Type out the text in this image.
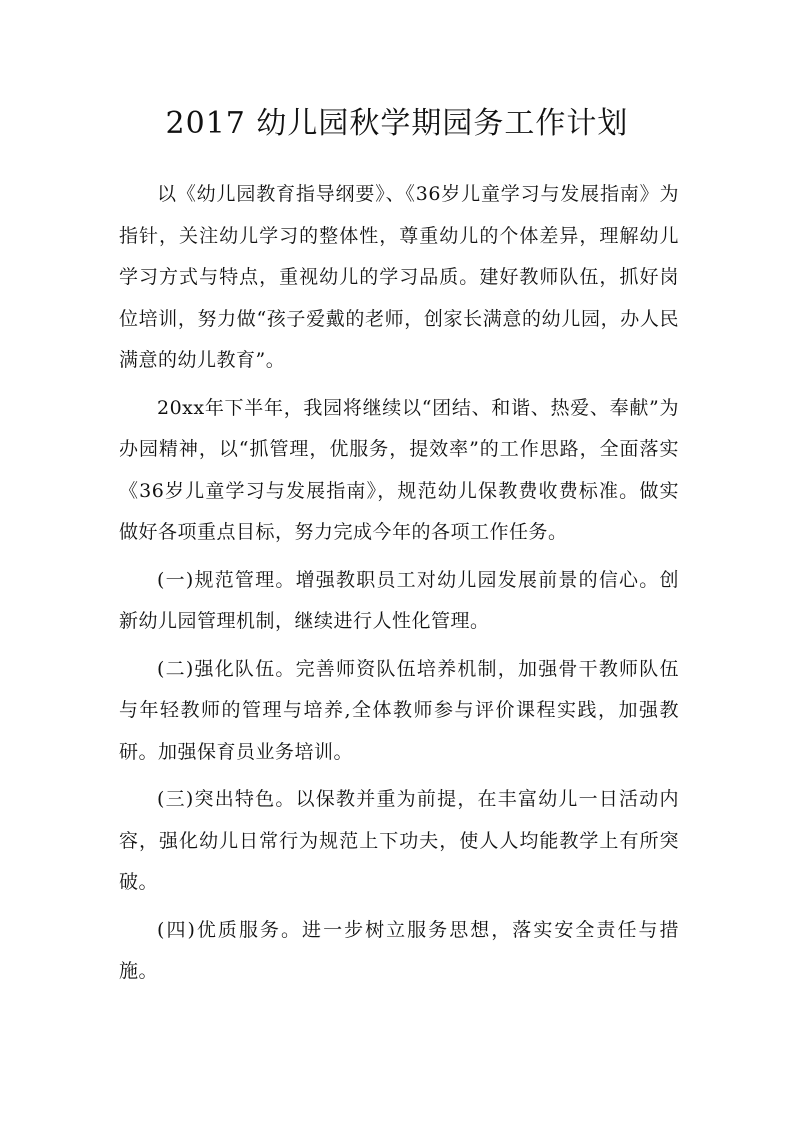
2017 幼儿园秋学期园务工作计划

以《幼儿园教育指导纲要》、《36岁儿童学习与发展指南》为指针，关注幼儿学习的整体性，尊重幼儿的个体差异，理解幼儿学习方式与特点，重视幼儿的学习品质。建好教师队伍，抓好岗位培训，努力做“孩子爱戴的老师，创家长满意的幼儿园，办人民满意的幼儿教育”。

20xx年下半年，我园将继续以“团结、和谐、热爱、奉献”为办园精神，以“抓管理，优服务，提效率”的工作思路，全面落实《36岁儿童学习与发展指南》，规范幼儿保教费收费标准。做实做好各项重点目标，努力完成今年的各项工作任务。

(一)规范管理。增强教职员工对幼儿园发展前景的信心。创新幼儿园管理机制，继续进行人性化管理。

(二)强化队伍。完善师资队伍培养机制，加强骨干教师队伍与年轻教师的管理与培养,全体教师参与评价课程实践，加强教研。加强保育员业务培训。

(三)突出特色。以保教并重为前提，在丰富幼儿一日活动内容，强化幼儿日常行为规范上下功夫，使人人均能教学上有所突破。

(四)优质服务。进一步树立服务思想，落实安全责任与措施。
